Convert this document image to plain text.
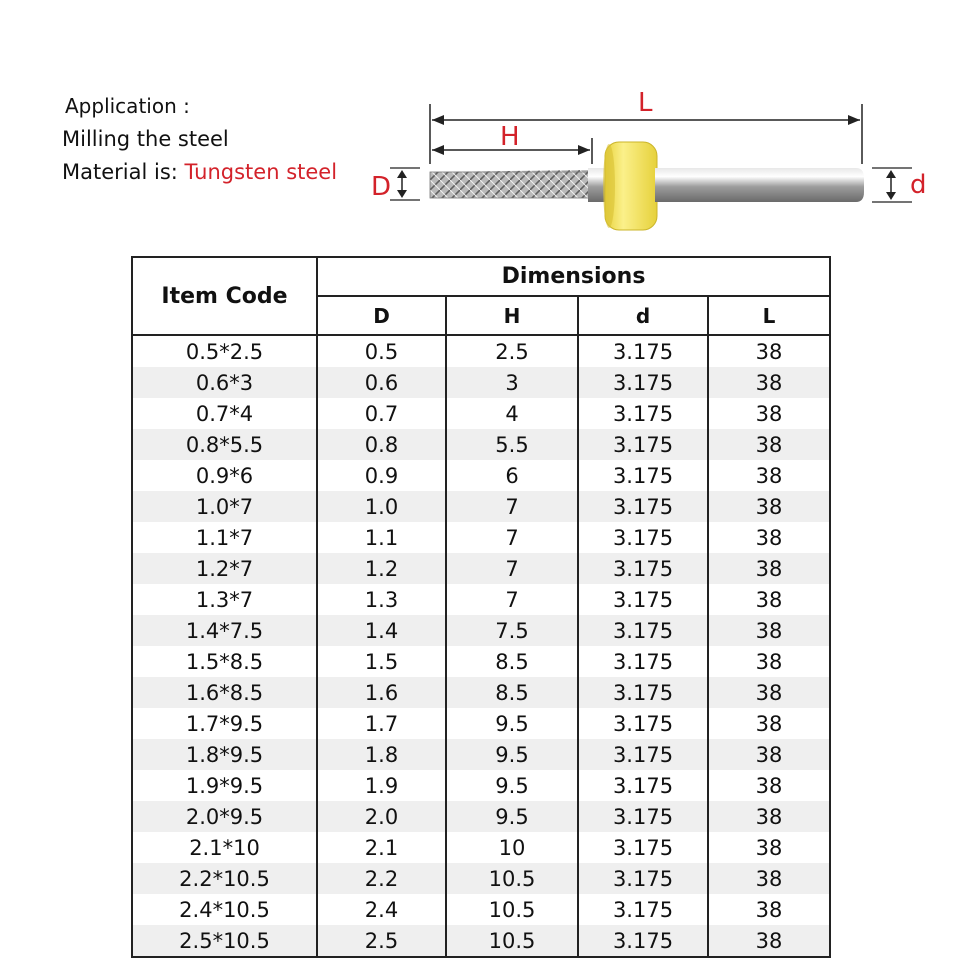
Application :
Milling the steel
Material is: Tungsten steel
L
H
D	d
Item Code	Dimensions			
	D	H	d	L
0.5*2.5	0.5	2.5	3.175	38
0.6*3	0.6	3	3.175	38
0.7*4	0.7	4	3.175	38
0.8*5.5	0.8	5.5	3.175	38
0.9*6	0.9	6	3.175	38
1.0*7	1.0	7	3.175	38
1.1*7	1.1	7	3.175	38
1.2*7	1.2	7	3.175	38
1.3*7	1.3	7	3.175	38
1.4*7.5	1.4	7.5	3.175	38
1.5*8.5	1.5	8.5	3.175	38
1.6*8.5	1.6	8.5	3.175	38
1.7*9.5	1.7	9.5	3.175	38
1.8*9.5	1.8	9.5	3.175	38
1.9*9.5	1.9	9.5	3.175	38
2.0*9.5	2.0	9.5	3.175	38
2.1*10	2.1	10	3.175	38
2.2*10.5	2.2	10.5	3.175	38
2.4*10.5	2.4	10.5	3.175	38
2.5*10.5	2.5	10.5	3.175	38
